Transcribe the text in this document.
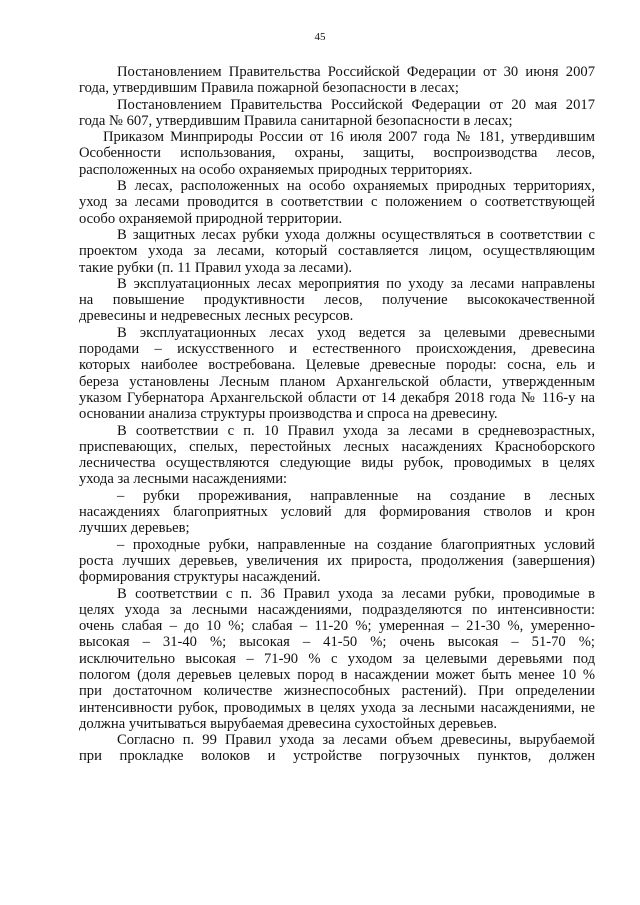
45
Постановлением Правительства Российской Федерации от 30 июня 2007
года, утвердившим Правила пожарной безопасности в лесах;
Постановлением Правительства Российской Федерации от 20 мая 2017
года № 607, утвердившим Правила санитарной безопасности в лесах;
Приказом Минприроды России от 16 июля 2007 года № 181, утвердившим
Особенности использования, охраны, защиты, воспроизводства лесов,
расположенных на особо охраняемых природных территориях.
В лесах, расположенных на особо охраняемых природных территориях,
уход за лесами проводится в соответствии с положением о соответствующей
особо охраняемой природной территории.
В защитных лесах рубки ухода должны осуществляться в соответствии с
проектом ухода за лесами, который составляется лицом, осуществляющим
такие рубки (п. 11 Правил ухода за лесами).
В эксплуатационных лесах мероприятия по уходу за лесами направлены
на повышение продуктивности лесов, получение высококачественной
древесины и недревесных лесных ресурсов.
В эксплуатационных лесах уход ведется за целевыми древесными
породами – искусственного и естественного происхождения, древесина
которых наиболее востребована. Целевые древесные породы: сосна, ель и
береза установлены Лесным планом Архангельской области, утвержденным
указом Губернатора Архангельской области от 14 декабря 2018 года № 116-у на
основании анализа структуры производства и спроса на древесину.
В соответствии с п. 10 Правил ухода за лесами в средневозрастных,
приспевающих, спелых, перестойных лесных насаждениях Красноборского
лесничества осуществляются следующие виды рубок, проводимых в целях
ухода за лесными насаждениями:
– рубки прореживания, направленные на создание в лесных
насаждениях благоприятных условий для формирования стволов и крон
лучших деревьев;
– проходные рубки, направленные на создание благоприятных условий
роста лучших деревьев, увеличения их прироста, продолжения (завершения)
формирования структуры насаждений.
В соответствии с п. 36 Правил ухода за лесами рубки, проводимые в
целях ухода за лесными насаждениями, подразделяются по интенсивности:
очень слабая – до 10 %; слабая – 11-20 %; умеренная – 21-30 %, умеренно-
высокая – 31-40 %; высокая – 41-50 %; очень высокая – 51-70 %;
исключительно высокая – 71-90 % с уходом за целевыми деревьями под
пологом (доля деревьев целевых пород в насаждении может быть менее 10 %
при достаточном количестве жизнеспособных растений). При определении
интенсивности рубок, проводимых в целях ухода за лесными насаждениями, не
должна учитываться вырубаемая древесина сухостойных деревьев.
Согласно п. 99 Правил ухода за лесами объем древесины, вырубаемой
при прокладке волоков и устройстве погрузочных пунктов, должен
